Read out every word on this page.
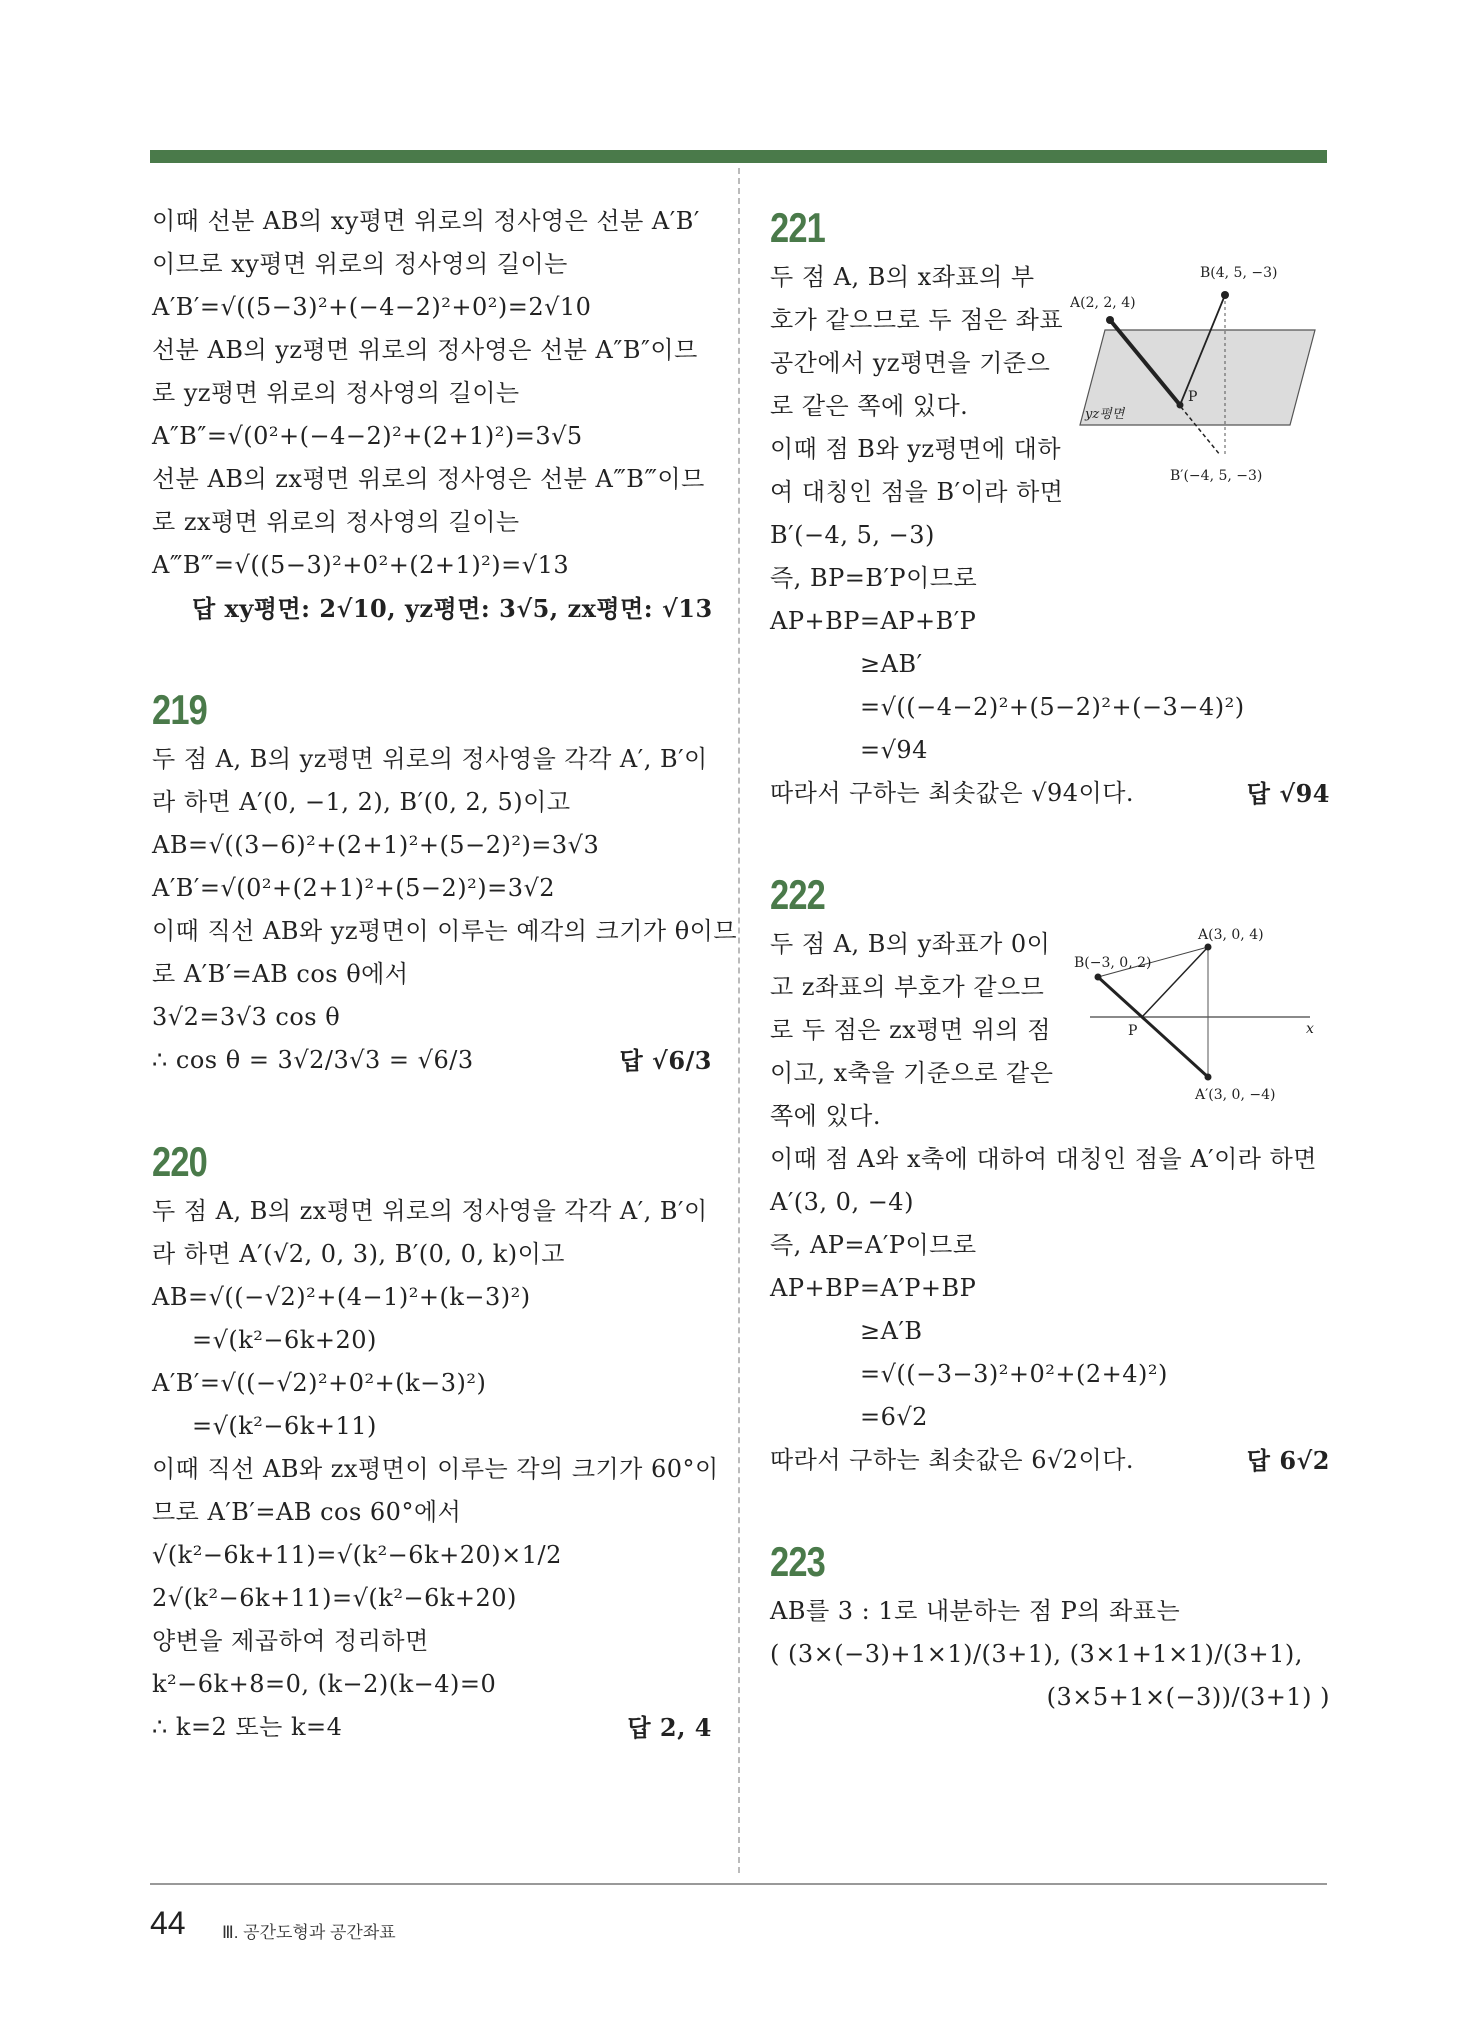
이때 선분 AB의 xy평면 위로의 정사영은 선분 A′B′
이므로 xy평면 위로의 정사영의 길이는
A′B′=√((5−3)²+(−4−2)²+0²)=2√10
선분 AB의 yz평면 위로의 정사영은 선분 A″B″이므
로 yz평면 위로의 정사영의 길이는
A″B″=√(0²+(−4−2)²+(2+1)²)=3√5
선분 AB의 zx평면 위로의 정사영은 선분 A‴B‴이므
로 zx평면 위로의 정사영의 길이는
A‴B‴=√((5−3)²+0²+(2+1)²)=√13
답 xy평면: 2√10, yz평면: 3√5, zx평면: √13
219
두 점 A, B의 yz평면 위로의 정사영을 각각 A′, B′이
라 하면 A′(0, −1, 2), B′(0, 2, 5)이고
AB=√((3−6)²+(2+1)²+(5−2)²)=3√3
A′B′=√(0²+(2+1)²+(5−2)²)=3√2
이때 직선 AB와 yz평면이 이루는 예각의 크기가 θ이므
로 A′B′=AB cos θ에서
3√2=3√3 cos θ
∴ cos θ = 3√2/3√3 = √6/3	답 √6/3
220
두 점 A, B의 zx평면 위로의 정사영을 각각 A′, B′이
라 하면 A′(√2, 0, 3), B′(0, 0, k)이고
AB=√((−√2)²+(4−1)²+(k−3)²)
=√(k²−6k+20)
A′B′=√((−√2)²+0²+(k−3)²)
=√(k²−6k+11)
이때 직선 AB와 zx평면이 이루는 각의 크기가 60°이
므로 A′B′=AB cos 60°에서
√(k²−6k+11)=√(k²−6k+20)×1/2
2√(k²−6k+11)=√(k²−6k+20)
양변을 제곱하여 정리하면
k²−6k+8=0, (k−2)(k−4)=0
∴ k=2 또는 k=4	답 2, 4
221
두 점 A, B의 x좌표의 부
호가 같으므로 두 점은 좌표
공간에서 yz평면을 기준으
로 같은 쪽에 있다.
이때 점 B와 yz평면에 대하
여 대칭인 점을 B′이라 하면
B′(−4, 5, −3)
즉, BP=B′P이므로
AP+BP=AP+B′P
≥AB′
=√((−4−2)²+(5−2)²+(−3−4)²)
=√94
따라서 구하는 최솟값은 √94이다.	답 √94
A(2, 2, 4)
B(4, 5, −3)
P
yz평면
B′(−4, 5, −3)
222
두 점 A, B의 y좌표가 0이
고 z좌표의 부호가 같으므
로 두 점은 zx평면 위의 점
이고, x축을 기준으로 같은
쪽에 있다.
이때 점 A와 x축에 대하여 대칭인 점을 A′이라 하면
A′(3, 0, −4)
즉, AP=A′P이므로
AP+BP=A′P+BP
≥A′B
=√((−3−3)²+0²+(2+4)²)
=6√2
따라서 구하는 최솟값은 6√2이다.	답 6√2
A(3, 0, 4)
B(−3, 0, 2)
P	x
A′(3, 0, −4)
223
AB를 3 : 1로 내분하는 점 P의 좌표는
( (3×(−3)+1×1)/(3+1), (3×1+1×1)/(3+1),
(3×5+1×(−3))/(3+1) )
44 Ⅲ. 공간도형과 공간좌표
